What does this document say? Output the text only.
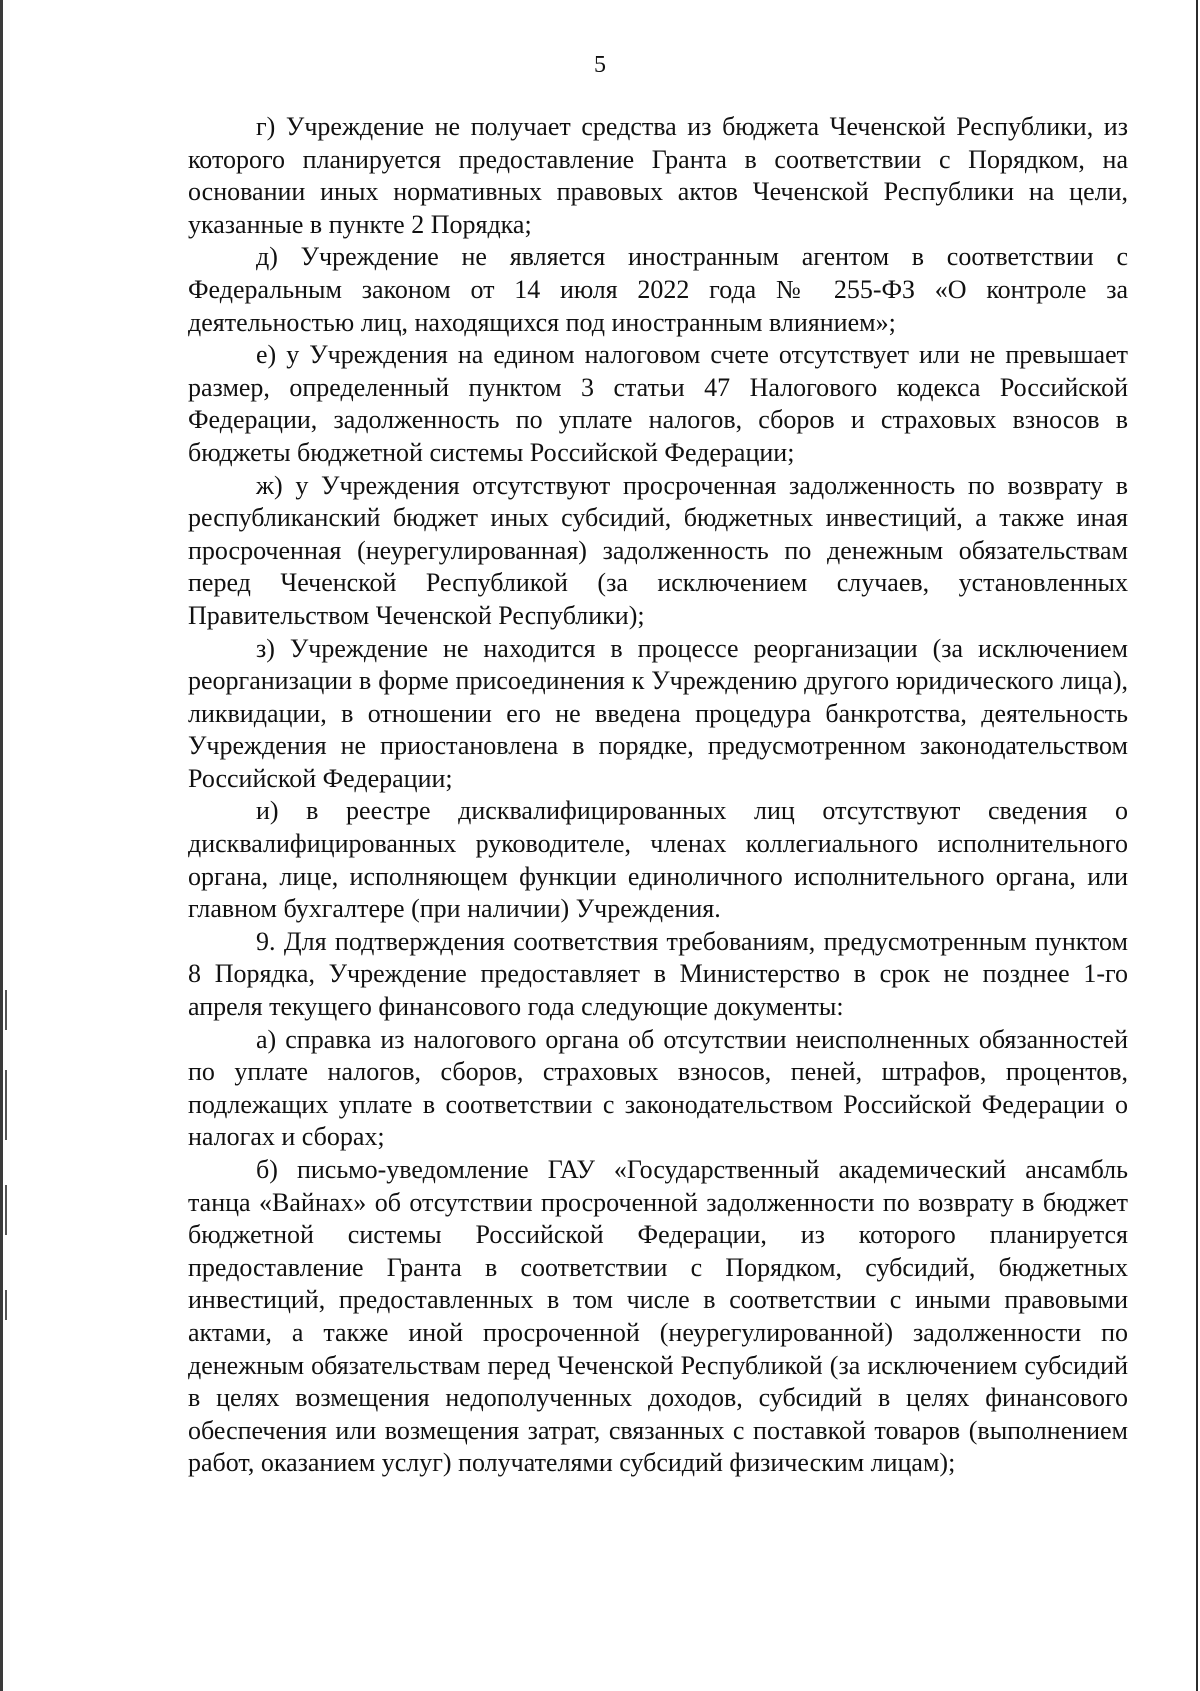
5

г) Учреждение не получает средства из бюджета Чеченской Республики, из которого планируется предоставление Гранта в соответствии с Порядком, на основании иных нормативных правовых актов Чеченской Республики на цели, указанные в пункте 2 Порядка;

д) Учреждение не является иностранным агентом в соответствии с Федеральным законом от 14 июля 2022 года № 255-ФЗ «О контроле за деятельностью лиц, находящихся под иностранным влиянием»;

е) у Учреждения на едином налоговом счете отсутствует или не превышает размер, определенный пунктом 3 статьи 47 Налогового кодекса Российской Федерации, задолженность по уплате налогов, сборов и страховых взносов в бюджеты бюджетной системы Российской Федерации;

ж) у Учреждения отсутствуют просроченная задолженность по возврату в республиканский бюджет иных субсидий, бюджетных инвестиций, а также иная просроченная (неурегулированная) задолженность по денежным обязательствам перед Чеченской Республикой (за исключением случаев, установленных Правительством Чеченской Республики);

з) Учреждение не находится в процессе реорганизации (за исключением реорганизации в форме присоединения к Учреждению другого юридического лица), ликвидации, в отношении его не введена процедура банкротства, деятельность Учреждения не приостановлена в порядке, предусмотренном законодательством Российской Федерации;

и) в реестре дисквалифицированных лиц отсутствуют сведения о дисквалифицированных руководителе, членах коллегиального исполнительного органа, лице, исполняющем функции единоличного исполнительного органа, или главном бухгалтере (при наличии) Учреждения.

9. Для подтверждения соответствия требованиям, предусмотренным пунктом 8 Порядка, Учреждение предоставляет в Министерство в срок не позднее 1-го апреля текущего финансового года следующие документы:

а) справка из налогового органа об отсутствии неисполненных обязанностей по уплате налогов, сборов, страховых взносов, пеней, штрафов, процентов, подлежащих уплате в соответствии с законодательством Российской Федерации о налогах и сборах;

б) письмо-уведомление ГАУ «Государственный академический ансамбль танца «Вайнах» об отсутствии просроченной задолженности по возврату в бюджет бюджетной системы Российской Федерации, из которого планируется предоставление Гранта в соответствии с Порядком, субсидий, бюджетных инвестиций, предоставленных в том числе в соответствии с иными правовыми актами, а также иной просроченной (неурегулированной) задолженности по денежным обязательствам перед Чеченской Республикой (за исключением субсидий в целях возмещения недополученных доходов, субсидий в целях финансового обеспечения или возмещения затрат, связанных с поставкой товаров (выполнением работ, оказанием услуг) получателями субсидий физическим лицам);
